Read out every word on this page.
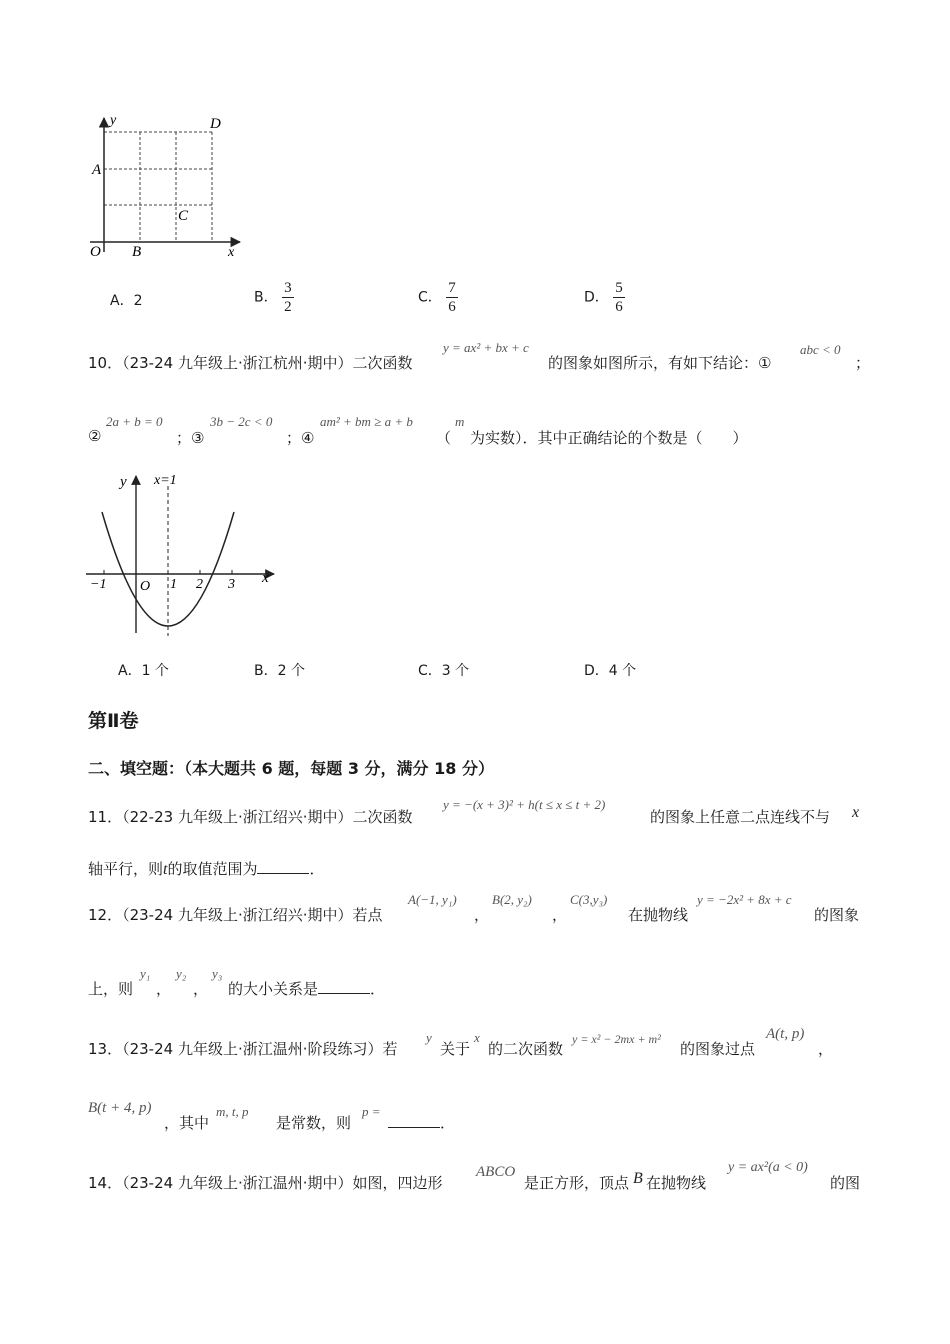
y
x
O
A
B
C
D
A．2	B． $\frac{3}{2}$	C． $\frac{7}{6}$	D． $\frac{5}{6}$
10．（23-24 九年级上·浙江杭州·期中）二次函数
y = ax² + bx + c
的图象如图所示，有如下结论：①
abc < 0
；
②
2a + b = 0
；③
3b − 2c < 0
；④
am² + bm ≥ a + b
（
m
为实数）．其中正确结论的个数是（　　）
y x=1
x
O
−1	1 2 3
A．1 个	B．2 个	C．3 个	D．4 个
第Ⅱ卷
二、填空题：（本大题共 6 题，每题 3 分，满分 18 分）
11．（22-23 九年级上·浙江绍兴·期中）二次函数
y = −(x + 3)² + h(t ≤ x ≤ t + 2)
的图象上任意二点连线不与 x
轴平行，则t的取值范围为	．
12．（23-24 九年级上·浙江绍兴·期中）若点
A(−1, y₁)
，
B(2, y₂)
，
C(3,y₃)
在抛物线
y = −2x² + 8x + c
的图象
上，则
y₁
，
y₂
，
y₃
的大小关系是	．
13．（23-24 九年级上·浙江温州·阶段练习）若
y
关于
x
的二次函数
y = x² − 2mx + m²
的图象过点
A(t, p)
，
B(t + 4, p)
，其中
m, t, p
是常数，则
p =
．
14．（23-24 九年级上·浙江温州·期中）如图，四边形
ABCO
是正方形，顶点 B 在抛物线
y = ax²(a < 0)
的图
